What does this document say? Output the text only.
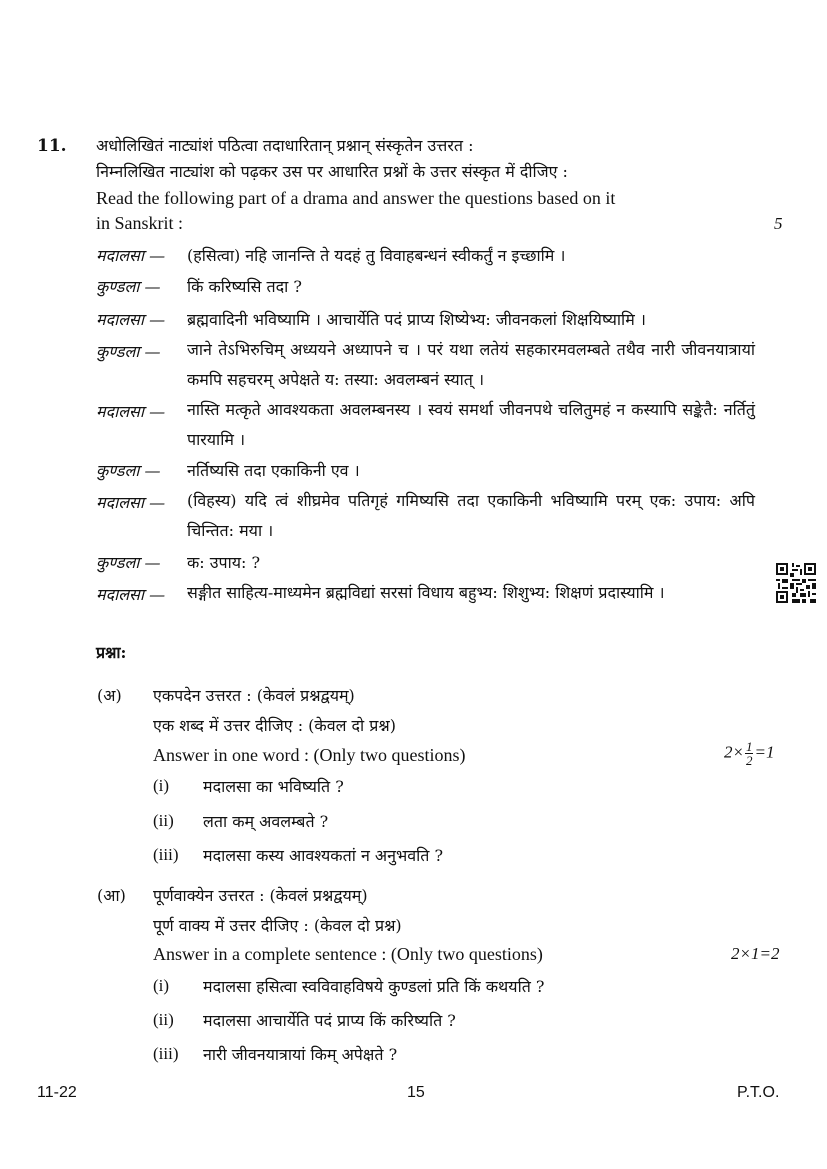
11. अधोलिखितं नाट्यांशं पठित्वा तदाधारितान् प्रश्नान् संस्कृतेन उत्तरत :
निम्नलिखित नाट्यांश को पढ़कर उस पर आधारित प्रश्नों के उत्तर संस्कृत में दीजिए :
Read the following part of a drama and answer the questions based on it
in Sanskrit :	5
मदालसा — (हसित्वा) नहि जानन्ति ते यदहं तु विवाहबन्धनं स्वीकर्तुं न इच्छामि ।
कुण्डला — किं करिष्यसि तदा ?
मदालसा — ब्रह्मवादिनी भविष्यामि । आचार्येति पदं प्राप्य शिष्येभ्य: जीवनकलां शिक्षयिष्यामि ।
कुण्डला — जाने तेऽभिरुचिम् अध्ययने अध्यापने च । परं यथा लतेयं सहकारमवलम्बते तथैव नारी जीवनयात्रायां कमपि सहचरम् अपेक्षते य: तस्या: अवलम्बनं स्यात् ।
मदालसा — नास्ति मत्कृते आवश्यकता अवलम्बनस्य । स्वयं समर्था जीवनपथे चलितुमहं न कस्यापि सङ्केतै: नर्तितुं पारयामि ।
कुण्डला — नर्तिष्यसि तदा एकाकिनी एव ।
मदालसा — (विहस्य) यदि त्वं शीघ्रमेव पतिगृहं गमिष्यसि तदा एकाकिनी भविष्यामि परम् एक: उपाय: अपि चिन्तित: मया ।
कुण्डला — क: उपाय: ?
मदालसा — सङ्गीत साहित्य-माध्यमेन ब्रह्मविद्यां सरसां विधाय बहुभ्य: शिशुभ्य: शिक्षणं प्रदास्यामि ।
प्रश्ना:
(अ) एकपदेन उत्तरत : (केवलं प्रश्नद्वयम्)
एक शब्द में उत्तर दीजिए : (केवल दो प्रश्न)
Answer in one word : (Only two questions)	$2\times \frac{1}{2} =1$
(i) मदालसा का भविष्यति ?
(ii) लता कम् अवलम्बते ?
(iii) मदालसा कस्य आवश्यकतां न अनुभवति ?
(आ) पूर्णवाक्येन उत्तरत : (केवलं प्रश्नद्वयम्)
पूर्ण वाक्य में उत्तर दीजिए : (केवल दो प्रश्न)
Answer in a complete sentence : (Only two questions)	2×1=2
(i) मदालसा हसित्वा स्वविवाहविषये कुण्डलां प्रति किं कथयति ?
(ii) मदालसा आचार्येति पदं प्राप्य किं करिष्यति ?
(iii) नारी जीवनयात्रायां किम् अपेक्षते ?
11-22	15	P.T.O.
